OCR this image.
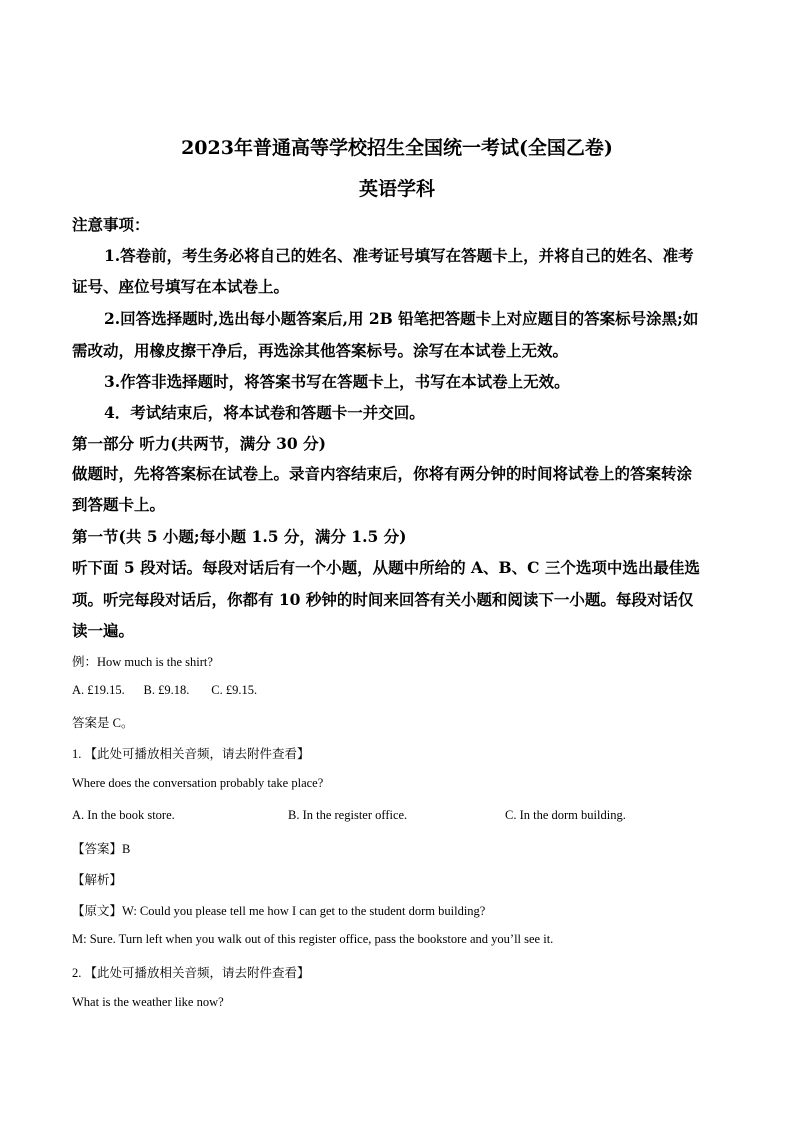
2023年普通高等学校招生全国统一考试(全国乙卷)
英语学科
注意事项：
1.答卷前，考生务必将自己的姓名、准考证号填写在答题卡上，并将自己的姓名、准考
证号、座位号填写在本试卷上。
2.回答选择题时,选出每小题答案后,用 2B 铅笔把答题卡上对应题目的答案标号涂黑;如
需改动，用橡皮擦干净后，再选涂其他答案标号。涂写在本试卷上无效。
3.作答非选择题时，将答案书写在答题卡上，书写在本试卷上无效。
4．考试结束后，将本试卷和答题卡一并交回。
第一部分 听力(共两节，满分 30 分)
做题时，先将答案标在试卷上。录音内容结束后，你将有两分钟的时间将试卷上的答案转涂
到答题卡上。
第一节(共 5 小题;每小题 1.5 分，满分 1.5 分)
听下面 5 段对话。每段对话后有一个小题，从题中所给的 A、B、C 三个选项中选出最佳选
项。听完每段对话后，你都有 10 秒钟的时间来回答有关小题和阅读下一小题。每段对话仅
读一遍。
例：How much is the shirt?
A. £19.15.      B. £9.18.       C. £9.15.
答案是 C。
1. 【此处可播放相关音频，请去附件查看】
Where does the conversation probably take place?
A. In the book store.	B. In the register office.	C. In the dorm building.
【答案】B
【解析】
【原文】W: Could you please tell me how I can get to the student dorm building?
M: Sure. Turn left when you walk out of this register office, pass the bookstore and you’ll see it.
2. 【此处可播放相关音频，请去附件查看】
What is the weather like now?
